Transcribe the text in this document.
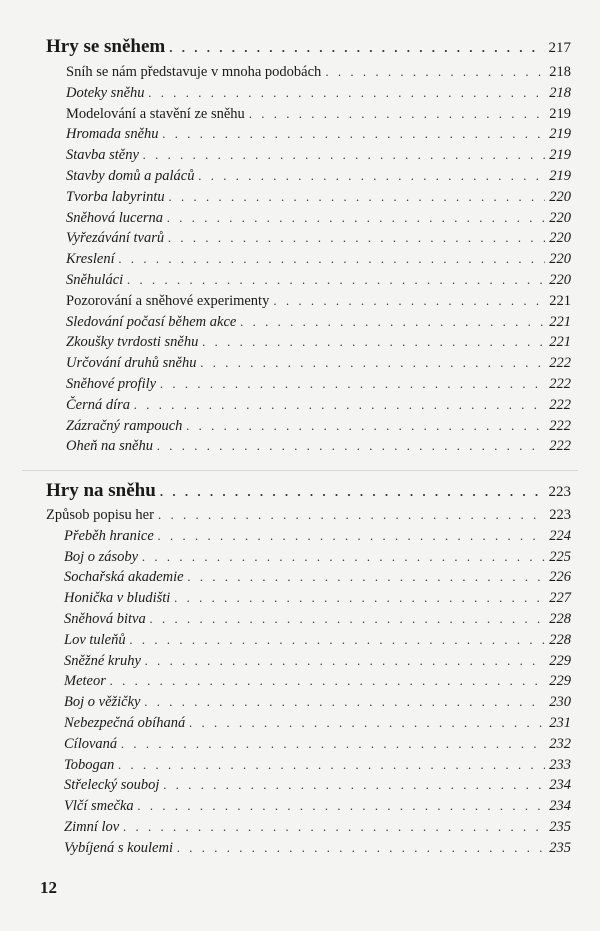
Hry se sněhem . . .	217
Sníh se nám představuje v mnoha podobách . . .	218
Doteky sněhu . . .	218
Modelování a stavění ze sněhu . . .	219
Hromada sněhu . . .	219
Stavba stěny . . .	219
Stavby domů a paláců . . .	219
Tvorba labyrintu . . .	220
Sněhová lucerna . . .	220
Vyřezávání tvarů . . .	220
Kreslení . . .	220
Sněhuláci . . .	220
Pozorování a sněhové experimenty . . .	221
Sledování počasí během akce . . .	221
Zkoušky tvrdosti sněhu . . .	221
Určování druhů sněhu . . .	222
Sněhové profily . . .	222
Černá díra . . .	222
Zázračný rampouch . . .	222
Oheň na sněhu . . .	222
Hry na sněhu . . .	223
Způsob popisu her . . .	223
Přeběh hranice . . .	224
Boj o zásoby . . .	225
Sochařská akademie . . .	226
Honička v bludišti . . .	227
Sněhová bitva . . .	228
Lov tuleňů . . .	228
Sněžné kruhy . . .	229
Meteor . . .	229
Boj o věžičky . . .	230
Nebezpečná obíhaná . . .	231
Cílovaná . . .	232
Tobogan . . .	233
Střelecký souboj . . .	234
Vlčí smečka . . .	234
Zimní lov . . .	235
Vybíjená s koulemi . . .	235
12
